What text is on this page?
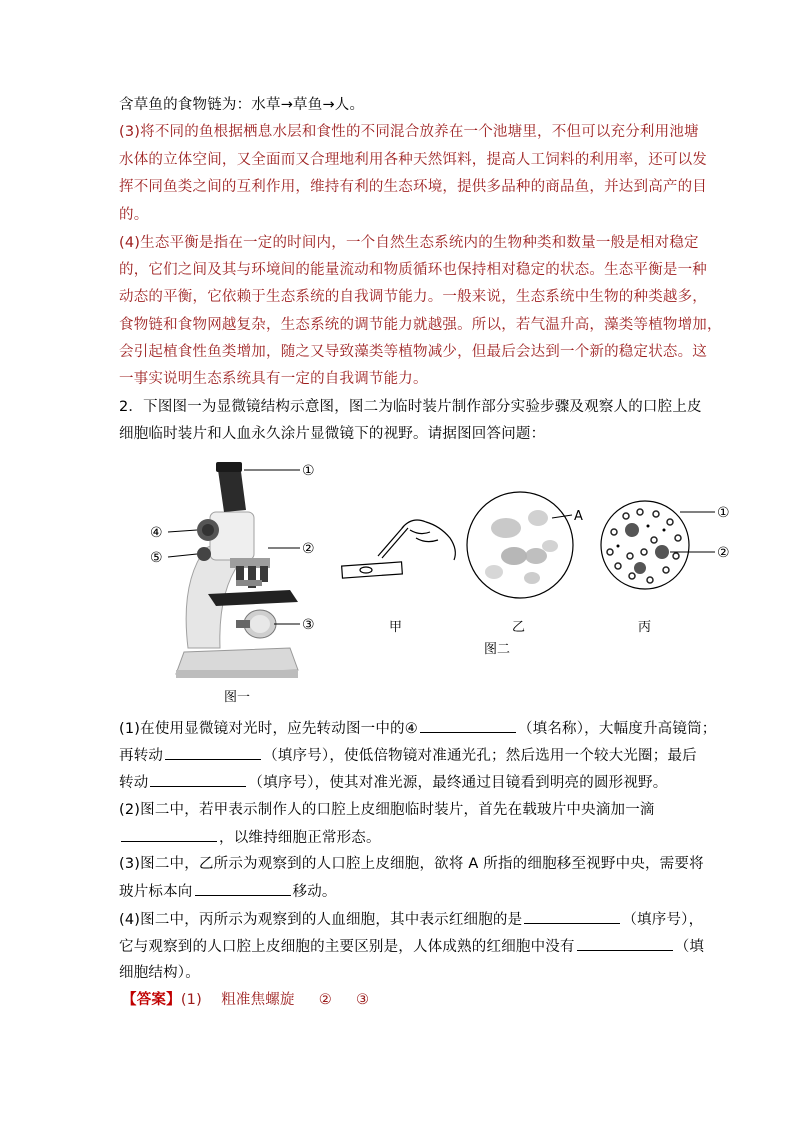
含草鱼的食物链为：水草→草鱼→人。
(3)将不同的鱼根据栖息水层和食性的不同混合放养在一个池塘里，不但可以充分利用池塘
水体的立体空间，又全面而又合理地利用各种天然饵料，提高人工饲料的利用率，还可以发
挥不同鱼类之间的互利作用，维持有利的生态环境，提供多品种的商品鱼，并达到高产的目
的。
(4)生态平衡是指在一定的时间内，一个自然生态系统内的生物种类和数量一般是相对稳定
的，它们之间及其与环境间的能量流动和物质循环也保持相对稳定的状态。生态平衡是一种
动态的平衡，它依赖于生态系统的自我调节能力。一般来说，生态系统中生物的种类越多，
食物链和食物网越复杂，生态系统的调节能力就越强。所以，若气温升高，藻类等植物增加，
会引起植食性鱼类增加，随之又导致藻类等植物减少，但最后会达到一个新的稳定状态。这
一事实说明生态系统具有一定的自我调节能力。
2．下图图一为显微镜结构示意图，图二为临时装片制作部分实验步骤及观察人的口腔上皮
细胞临时装片和人血永久涂片显微镜下的视野。请据图回答问题：
①
②
③
④
⑤
A	①
②
甲	乙	丙
图二
图一
(1)在使用显微镜对光时，应先转动图一中的④	（填名称），大幅度升高镜筒；
再转动	（填序号），使低倍物镜对准通光孔；然后选用一个较大光圈；最后
转动	（填序号），使其对准光源，最终通过目镜看到明亮的圆形视野。
(2)图二中，若甲表示制作人的口腔上皮细胞临时装片，首先在载玻片中央滴加一滴
，以维持细胞正常形态。
(3)图二中，乙所示为观察到的人口腔上皮细胞，欲将 A 所指的细胞移至视野中央，需要将
玻片标本向	移动。
(4)图二中，丙所示为观察到的人血细胞，其中表示红细胞的是	（填序号），
它与观察到的人口腔上皮细胞的主要区别是，人体成熟的红细胞中没有	（填
细胞结构）。
【答案】(1) 粗准焦螺旋 ② ③
